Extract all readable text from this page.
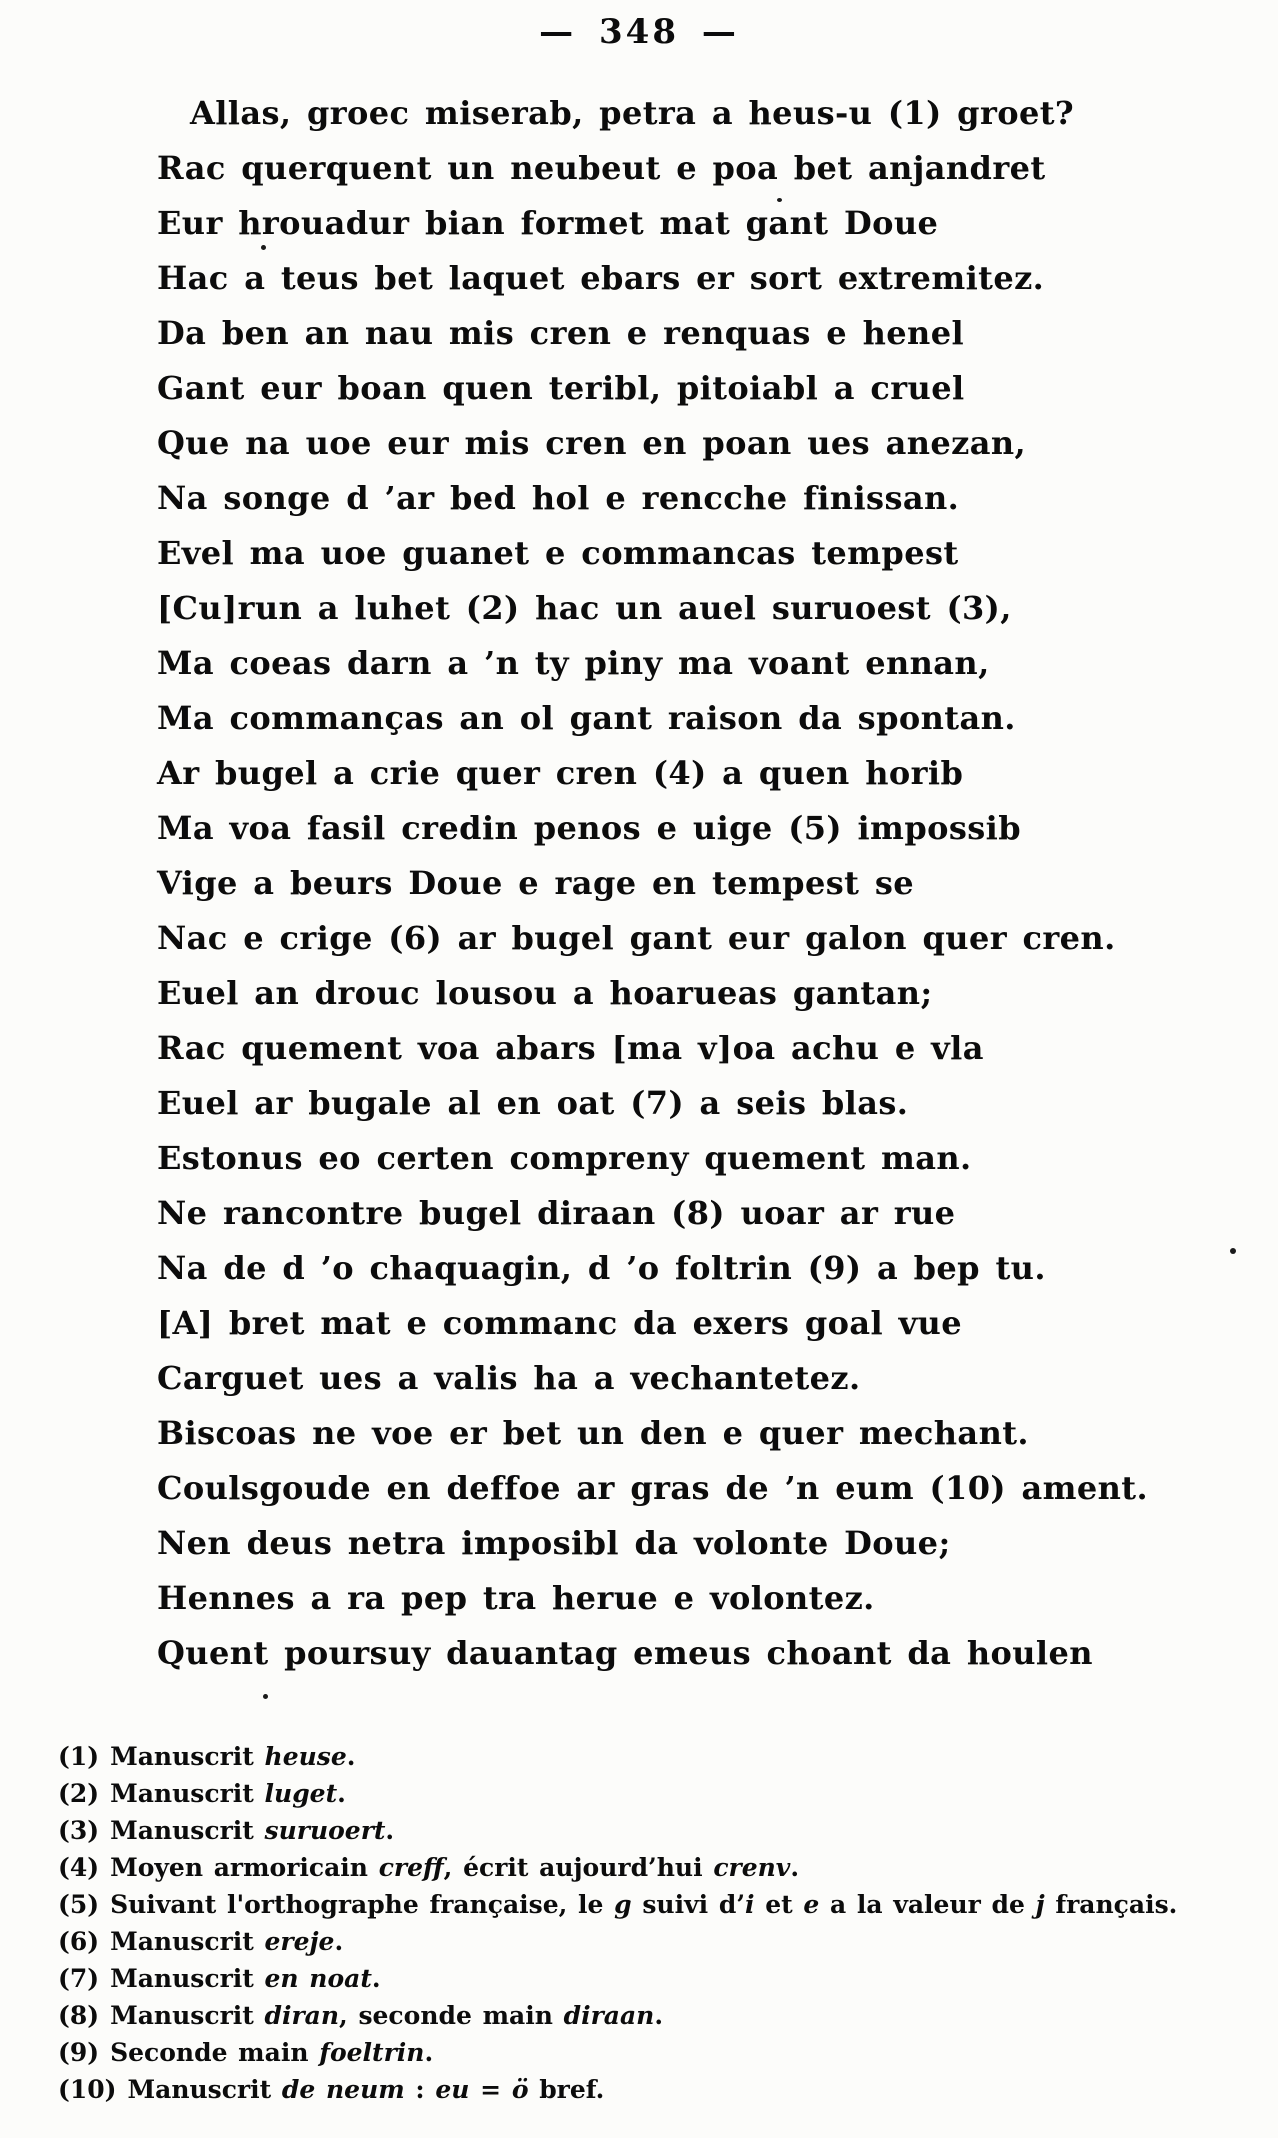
— 348 —
Allas, groec miserab, petra a heus-u (1) groet?
Rac querquent un neubeut e poa bet anjandret
Eur hrouadur bian formet mat gant Doue
Hac a teus bet laquet ebars er sort extremitez.
Da ben an nau mis cren e renquas e henel
Gant eur boan quen teribl, pitoiabl a cruel
Que na uoe eur mis cren en poan ues anezan,
Na songe d ’ar bed hol e rencche finissan.
Evel ma uoe guanet e commancas tempest
[Cu]run a luhet (2) hac un auel suruoest (3),
Ma coeas darn a ’n ty piny ma voant ennan,
Ma commanças an ol gant raison da spontan.
Ar bugel a crie quer cren (4) a quen horib
Ma voa fasil credin penos e uige (5) impossib
Vige a beurs Doue e rage en tempest se
Nac e crige (6) ar bugel gant eur galon quer cren.
Euel an drouc lousou a hoarueas gantan;
Rac quement voa abars [ma v]oa achu e vla
Euel ar bugale al en oat (7) a seis blas.
Estonus eo certen compreny quement man.
Ne rancontre bugel diraan (8) uoar ar rue
Na de d ’o chaquagin, d ’o foltrin (9) a bep tu.
[A] bret mat e commanc da exers goal vue
Carguet ues a valis ha a vechantetez.
Biscoas ne voe er bet un den e quer mechant.
Coulsgoude en deffoe ar gras de ’n eum (10) ament.
Nen deus netra imposibl da volonte Doue;
Hennes a ra pep tra herue e volontez.
Quent poursuy dauantag emeus choant da houlen
(1) Manuscrit heuse.
(2) Manuscrit luget.
(3) Manuscrit suruoert.
(4) Moyen armoricain creff, écrit aujourd’hui crenv.
(5) Suivant l'orthographe française, le g suivi d’i et e a la valeur de j français.
(6) Manuscrit ereje.
(7) Manuscrit en noat.
(8) Manuscrit diran, seconde main diraan.
(9) Seconde main foeltrin.
(10) Manuscrit de neum : eu = ö bref.
